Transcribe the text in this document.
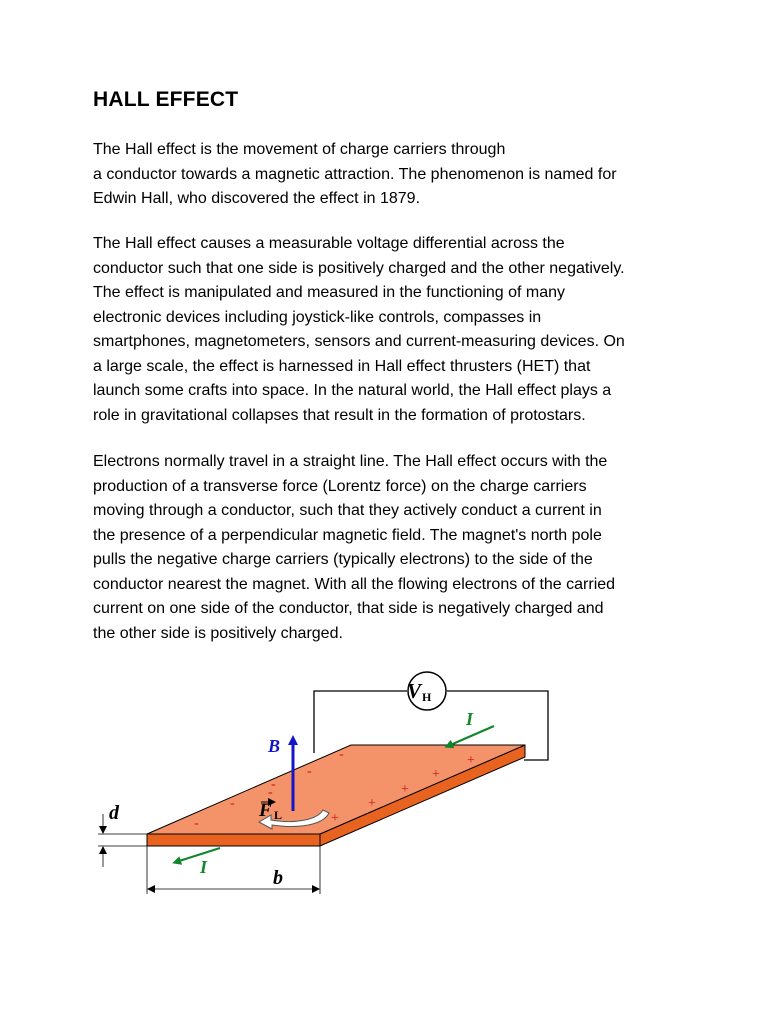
HALL EFFECT
The Hall effect is the movement of charge carriers through
a conductor towards a magnetic attraction. The phenomenon is named for
Edwin Hall, who discovered the effect in 1879.
The Hall effect causes a measurable voltage differential across the
conductor such that one side is positively charged and the other negatively.
The effect is manipulated and measured in the functioning of many
electronic devices including joystick-like controls, compasses in
smartphones, magnetometers, sensors and current-measuring devices. On
a large scale, the effect is harnessed in Hall effect thrusters (HET) that
launch some crafts into space. In the natural world, the Hall effect plays a
role in gravitational collapses that result in the formation of protostars.
Electrons normally travel in a straight line. The Hall effect occurs with the
production of a transverse force (Lorentz force) on the charge carriers
moving through a conductor, such that they actively conduct a current in
the presence of a perpendicular magnetic field. The magnet's north pole
pulls the negative charge carriers (typically electrons) to the side of the
conductor nearest the magnet. With all the flowing electrons of the carried
current on one side of the conductor, that side is negatively charged and
the other side is positively charged.
V H
-
-
-
-
-
-
+
+
+
+
+
B
F L
I
I
d
b
